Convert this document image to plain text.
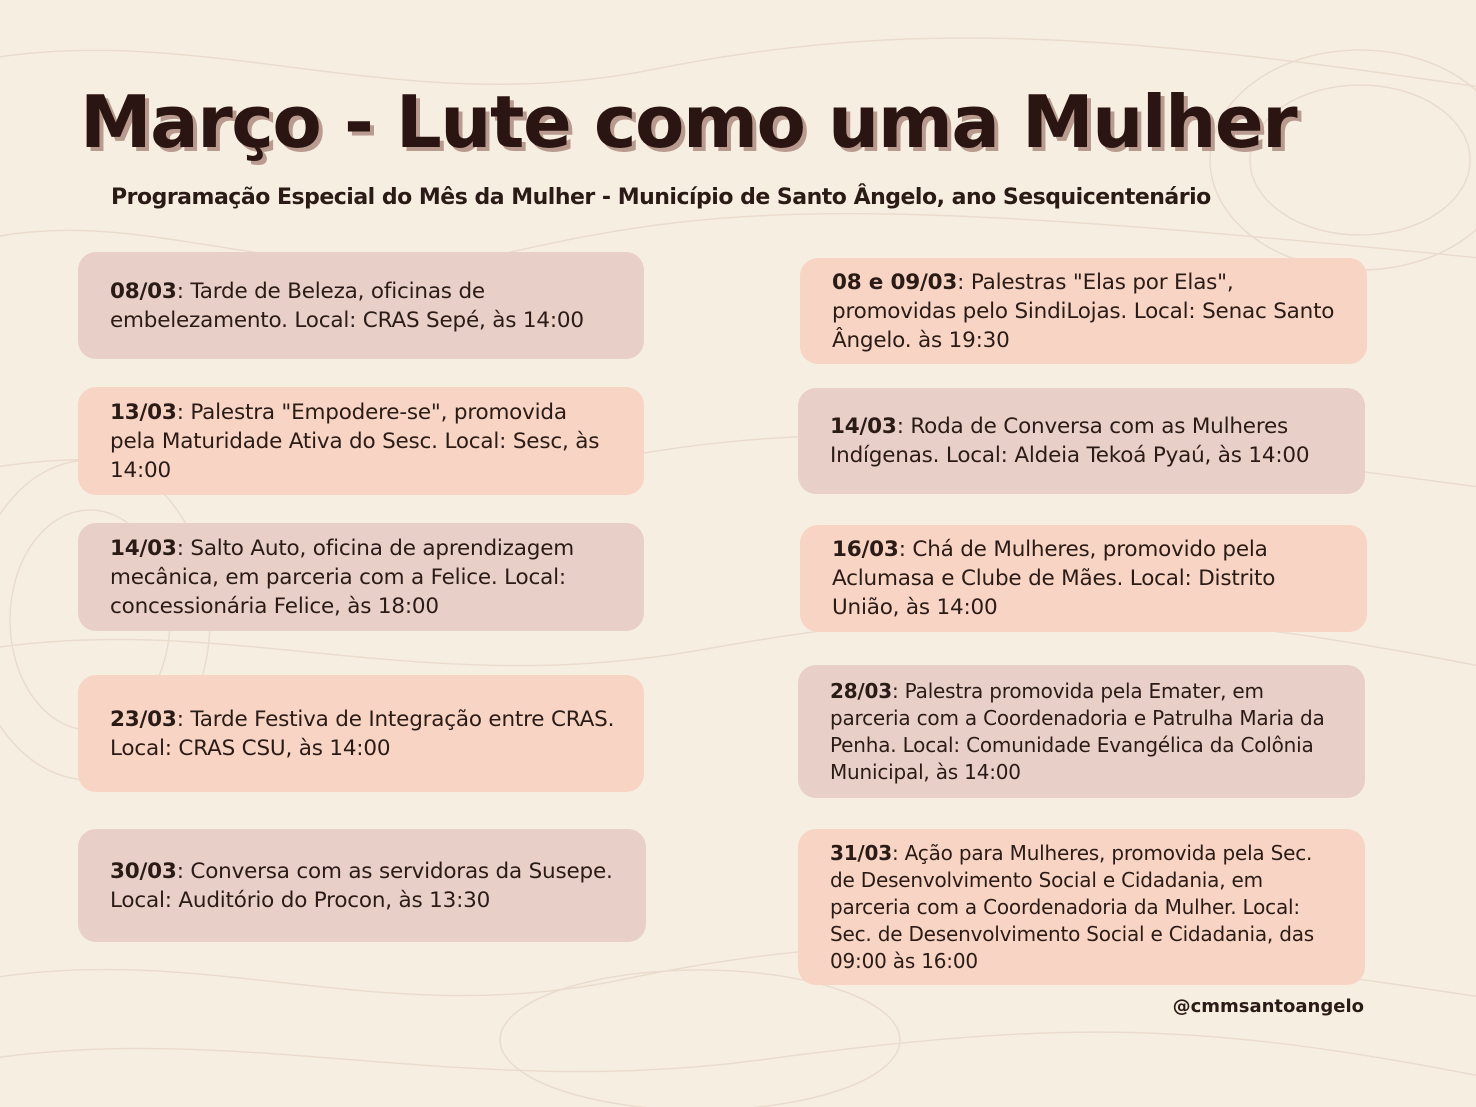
Março - Lute como uma Mulher

Programação Especial do Mês da Mulher - Município de Santo Ângelo, ano Sesquicentenário

08/03: Tarde de Beleza, oficinas de embelezamento. Local: CRAS Sepé, às 14:00
13/03: Palestra "Empodere-se", promovida pela Maturidade Ativa do Sesc. Local: Sesc, às 14:00
14/03: Salto Auto, oficina de aprendizagem mecânica, em parceria com a Felice. Local: concessionária Felice, às 18:00
23/03: Tarde Festiva de Integração entre CRAS. Local: CRAS CSU, às 14:00
30/03: Conversa com as servidoras da Susepe. Local: Auditório do Procon, às 13:30
08 e 09/03: Palestras "Elas por Elas", promovidas pelo SindiLojas. Local: Senac Santo Ângelo. às 19:30
14/03: Roda de Conversa com as Mulheres Indígenas. Local: Aldeia Tekoá Pyaú, às 14:00
16/03: Chá de Mulheres, promovido pela Aclumasa e Clube de Mães. Local: Distrito União, às 14:00
28/03: Palestra promovida pela Emater, em parceria com a Coordenadoria e Patrulha Maria da Penha. Local: Comunidade Evangélica da Colônia Municipal, às 14:00
31/03: Ação para Mulheres, promovida pela Sec. de Desenvolvimento Social e Cidadania, em parceria com a Coordenadoria da Mulher. Local: Sec. de Desenvolvimento Social e Cidadania, das 09:00 às 16:00
@cmmsantoangelo
